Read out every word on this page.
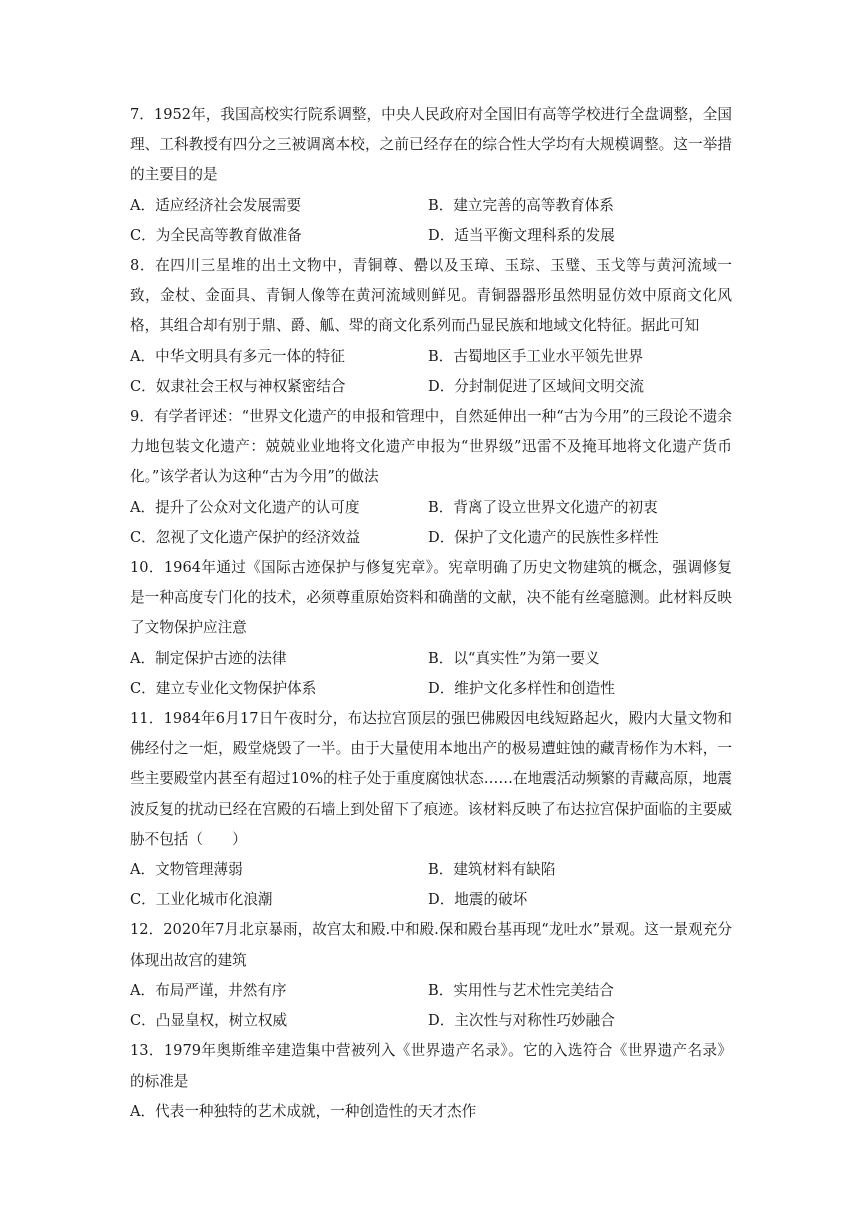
7．1952年，我国高校实行院系调整，中央人民政府对全国旧有高等学校进行全盘调整，全国理、工科教授有四分之三被调离本校，之前已经存在的综合性大学均有大规模调整。这一举措的主要目的是

A．适应经济社会发展需要	B．建立完善的高等教育体系
C．为全民高等教育做准备	D．适当平衡文理科系的发展

8．在四川三星堆的出土文物中，青铜尊、罍以及玉璋、玉琮、玉璧、玉戈等与黄河流域一致，金杖、金面具、青铜人像等在黄河流域则鲜见。青铜器器形虽然明显仿效中原商文化风格，其组合却有别于鼎、爵、觚、斝的商文化系列而凸显民族和地域文化特征。据此可知

A．中华文明具有多元一体的特征	B．古蜀地区手工业水平领先世界
C．奴隶社会王权与神权紧密结合	D．分封制促进了区域间文明交流

9．有学者评述：“世界文化遗产的申报和管理中，自然延伸出一种“古为今用”的三段论不遗余力地包装文化遗产：兢兢业业地将文化遗产申报为“世界级”迅雷不及掩耳地将文化遗产货币化。”该学者认为这种“古为今用”的做法

A．提升了公众对文化遗产的认可度	B．背离了设立世界文化遗产的初衷
C．忽视了文化遗产保护的经济效益	D．保护了文化遗产的民族性多样性

10．1964年通过《国际古迹保护与修复宪章》。宪章明确了历史文物建筑的概念，强调修复是一种高度专门化的技术，必须尊重原始资料和确凿的文献，决不能有丝毫臆测。此材料反映了文物保护应注意

A．制定保护古迹的法律	B．以“真实性”为第一要义
C．建立专业化文物保护体系	D．维护文化多样性和创造性

11．1984年6月17日午夜时分，布达拉宫顶层的强巴佛殿因电线短路起火，殿内大量文物和佛经付之一炬，殿堂烧毁了一半。由于大量使用本地出产的极易遭蛀蚀的藏青杨作为木料，一些主要殿堂内甚至有超过10%的柱子处于重度腐蚀状态……在地震活动频繁的青藏高原，地震波反复的扰动已经在宫殿的石墙上到处留下了痕迹。该材料反映了布达拉宫保护面临的主要威胁不包括（　　）

A．文物管理薄弱	B．建筑材料有缺陷
C．工业化城市化浪潮	D．地震的破坏

12．2020年7月北京暴雨，故宫太和殿.中和殿.保和殿台基再现“龙吐水”景观。这一景观充分体现出故宫的建筑

A．布局严谨，井然有序	B．实用性与艺术性完美结合
C．凸显皇权，树立权威	D．主次性与对称性巧妙融合

13．1979年奥斯维辛建造集中营被列入《世界遗产名录》。它的入选符合《世界遗产名录》的标准是

A．代表一种独特的艺术成就，一种创造性的天才杰作
